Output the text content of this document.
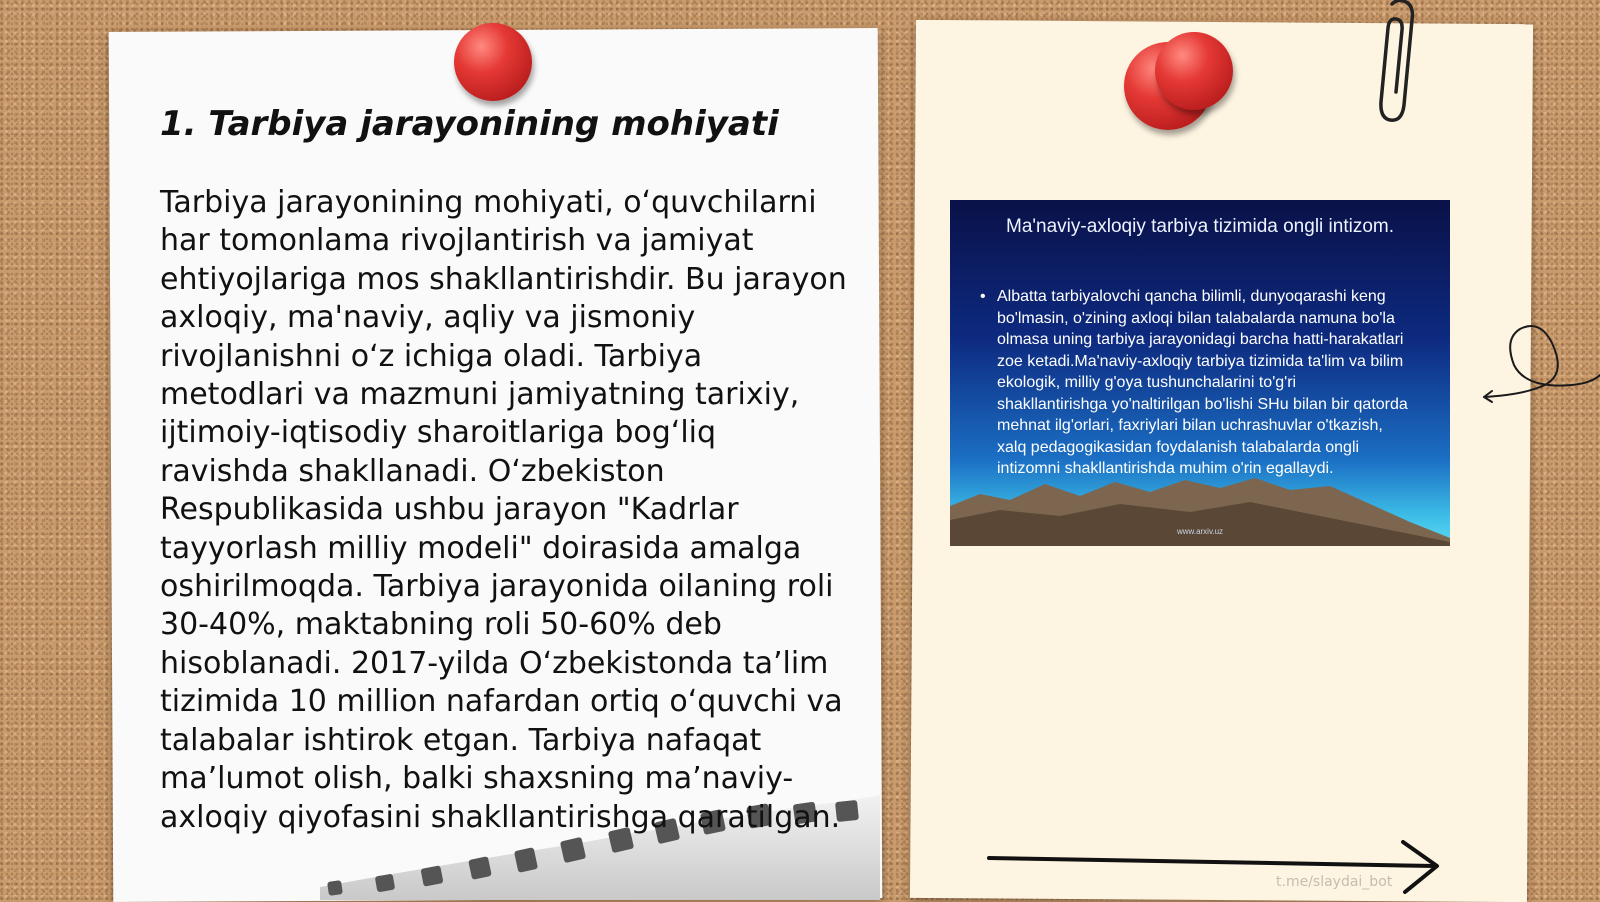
1. Tarbiya jarayonining mohiyati

Tarbiya jarayonining mohiyati, o‘quvchilarni har tomonlama rivojlantirish va jamiyat ehtiyojlariga mos shakllantirishdir. Bu jarayon axloqiy, ma'naviy, aqliy va jismoniy rivojlanishni o‘z ichiga oladi. Tarbiya metodlari va mazmuni jamiyatning tarixiy, ijtimoiy-iqtisodiy sharoitlariga bog‘liq ravishda shakllanadi. O‘zbekiston Respublikasida ushbu jarayon "Kadrlar tayyorlash milliy modeli" doirasida amalga oshirilmoqda. Tarbiya jarayonida oilaning roli 30-40%, maktabning roli 50-60% deb hisoblanadi. 2017-yilda O‘zbekistonda ta’lim tizimida 10 million nafardan ortiq o‘quvchi va talabalar ishtirok etgan. Tarbiya nafaqat ma’lumot olish, balki shaxsning ma’naviy-axloqiy qiyofasini shakllantirishga qaratilgan.

Ma'naviy-axloqiy tarbiya tizimida ongli intizom.
• Albatta tarbiyalovchi qancha bilimli, dunyoqarashi keng bo'lmasin, o'zining axloqi bilan talabalarda namuna bo'la olmasa uning tarbiya jarayonidagi barcha hatti-harakatlari zoe ketadi.Ma'naviy-axloqiy tarbiya tizimida ta'lim va bilim ekologik, milliy g'oya tushunchalarini to'g'ri shakllantirishga yo'naltirilgan bo'lishi SHu bilan bir qatorda mehnat ilg'orlari, faxriylari bilan uchrashuvlar o'tkazish, xalq pedagogikasidan foydalanish talabalarda ongli intizomni shakllantirishda muhim o'rin egallaydi.
www.arxiv.uz

t.me/slaydai_bot
